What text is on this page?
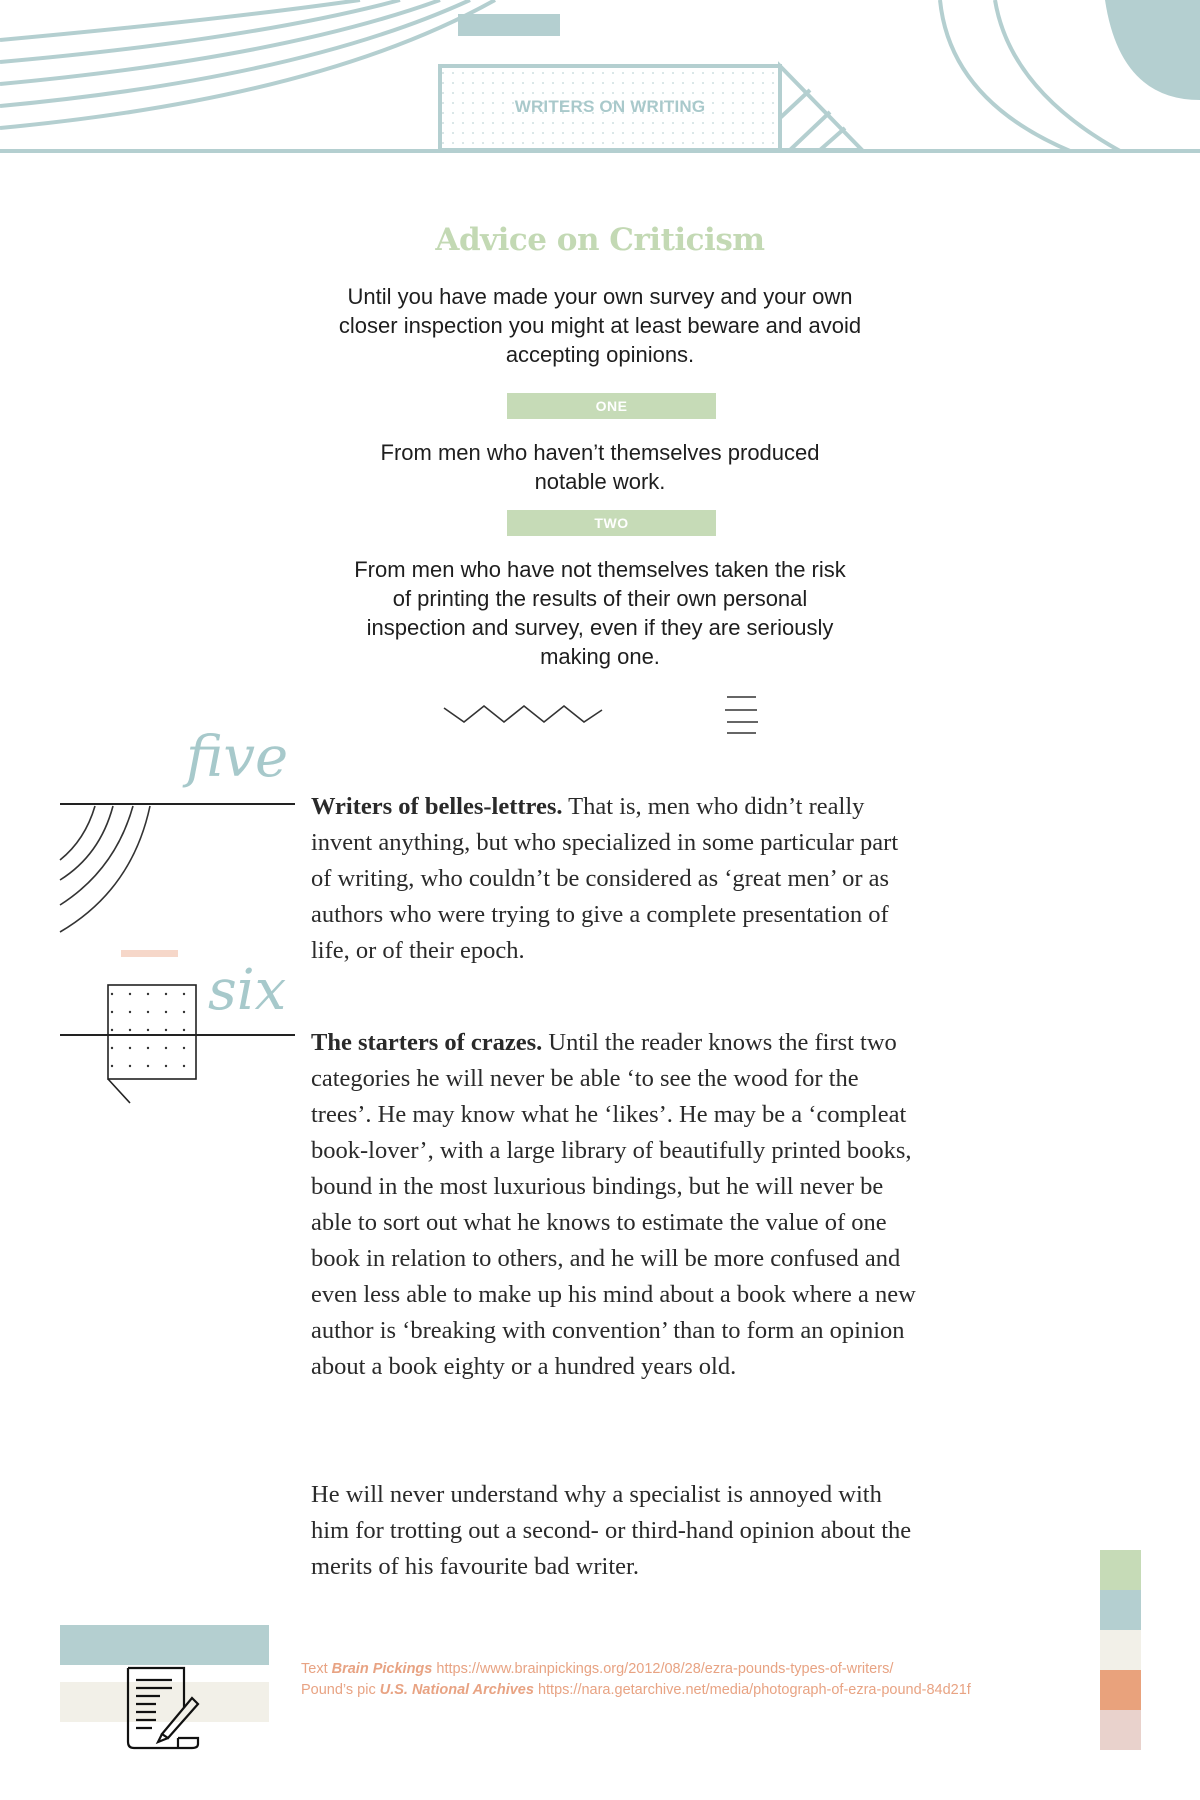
WRITERS ON WRITING
Advice on Criticism
Until you have made your own survey and your own closer inspection you might at least beware and avoid accepting opinions.
ONE
From men who haven’t themselves produced
notable work.
TWO
From men who have not themselves taken the risk
of printing the results of their own personal
inspection and survey, even if they are seriously
making one.
five
six
Writers of belles-lettres. That is, men who didn’t really invent anything, but who specialized in some particular part of writing, who couldn’t be considered as ‘great men’ or as authors who were trying to give a complete presentation of life, or of their epoch.
The starters of crazes. Until the reader knows the first two categories he will never be able ‘to see the wood for the trees’. He may know what he ‘likes’. He may be a ‘compleat book-lover’, with a large library of beautifully printed books, bound in the most luxurious bindings, but he will never be able to sort out what he knows to estimate the value of one book in relation to others, and he will be more confused and even less able to make up his mind about a book where a new author is ‘breaking with convention’ than to form an opinion about a book eighty or a hundred years old.
He will never understand why a specialist is annoyed with him for trotting out a second- or third-hand opinion about the merits of his favourite bad writer.
Text Brain Pickings https://www.brainpickings.org/2012/08/28/ezra-pounds-types-of-writers/
Pound’s pic U.S. National Archives https://nara.getarchive.net/media/photograph-of-ezra-pound-84d21f
